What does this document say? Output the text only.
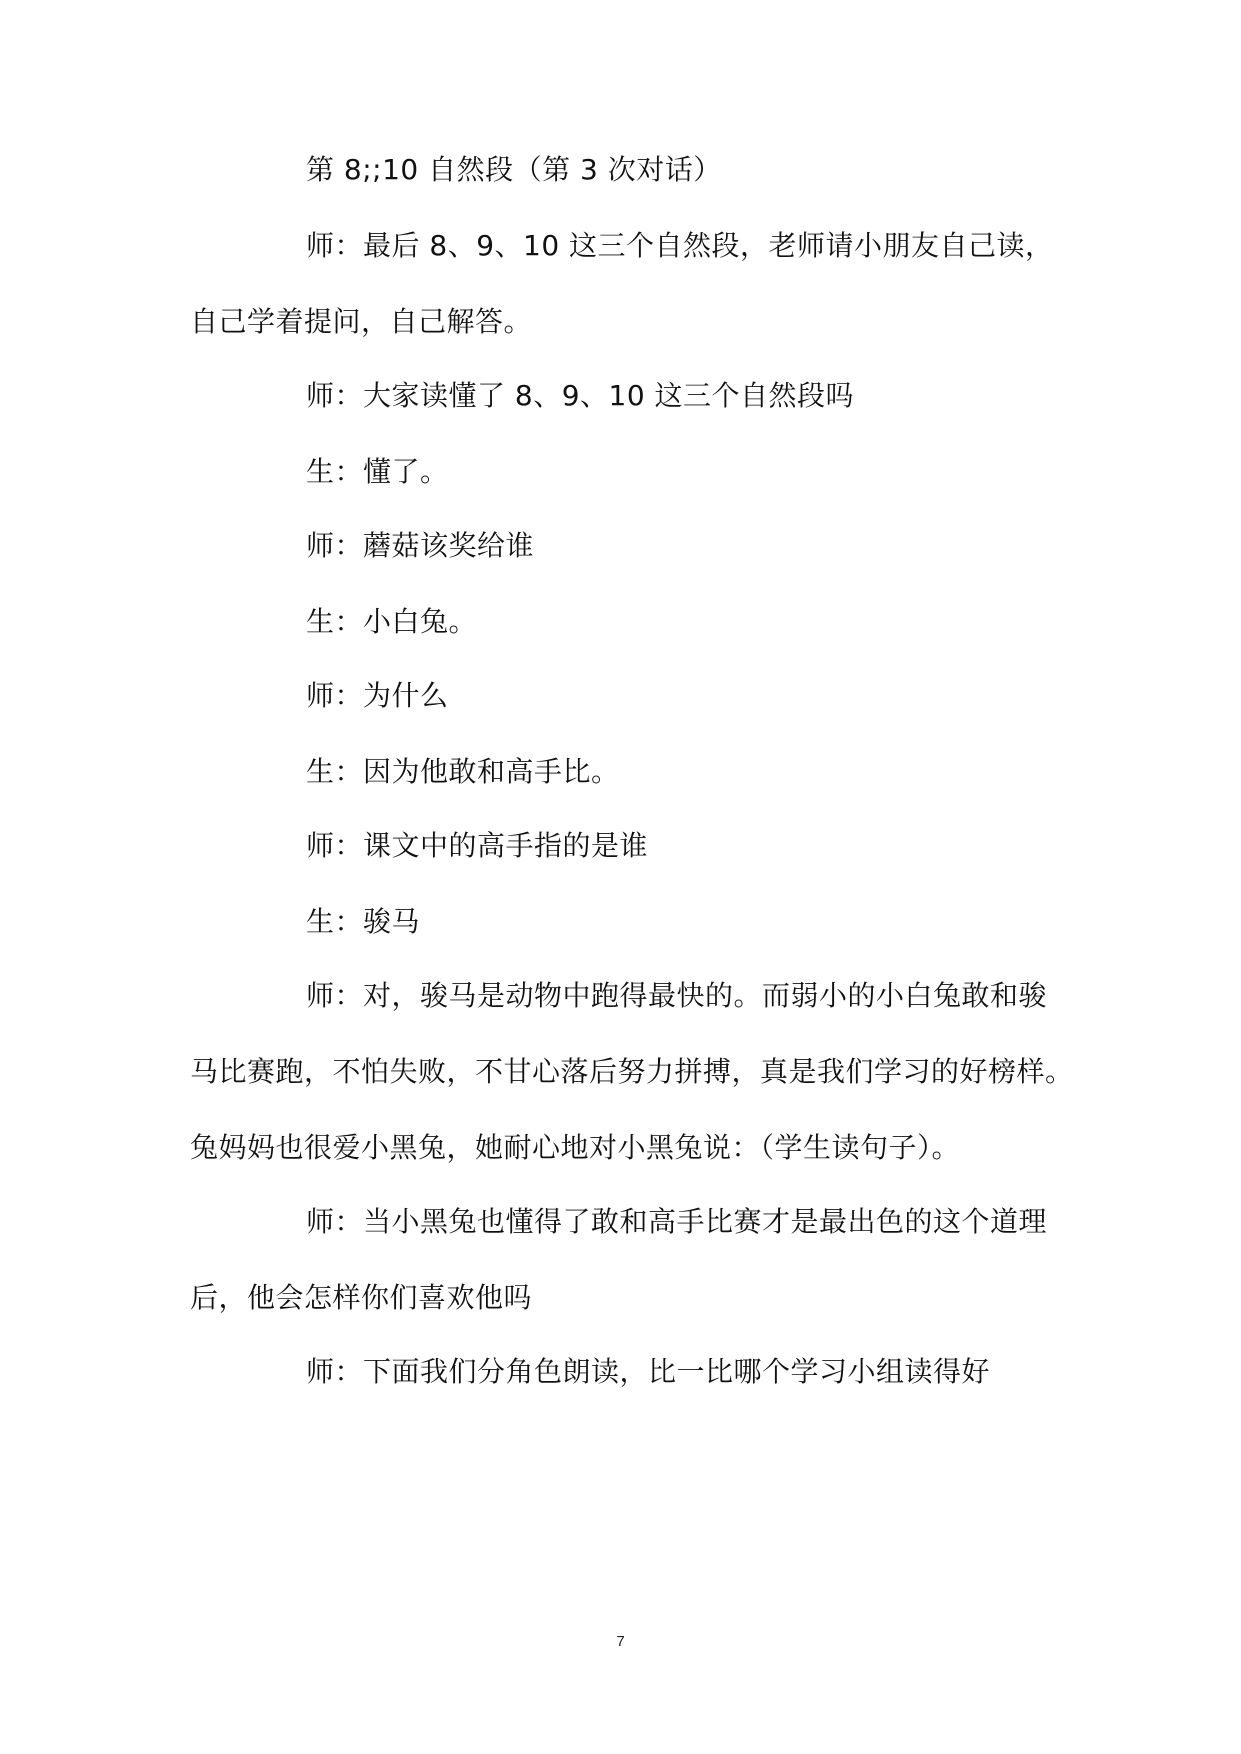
第 8;;10 自然段（第 3 次对话）

师：最后 8、9、10 这三个自然段，老师请小朋友自己读，

自己学着提问，自己解答。

师：大家读懂了 8、9、10 这三个自然段吗

生：懂了。

师：蘑菇该奖给谁

生：小白兔。

师：为什么

生：因为他敢和高手比。

师：课文中的高手指的是谁

生：骏马

师：对，骏马是动物中跑得最快的。而弱小的小白兔敢和骏

马比赛跑，不怕失败，不甘心落后努力拼搏，真是我们学习的好榜样。

兔妈妈也很爱小黑兔，她耐心地对小黑兔说：（学生读句子）。

师：当小黑兔也懂得了敢和高手比赛才是最出色的这个道理

后，他会怎样你们喜欢他吗

师：下面我们分角色朗读，比一比哪个学习小组读得好

7
